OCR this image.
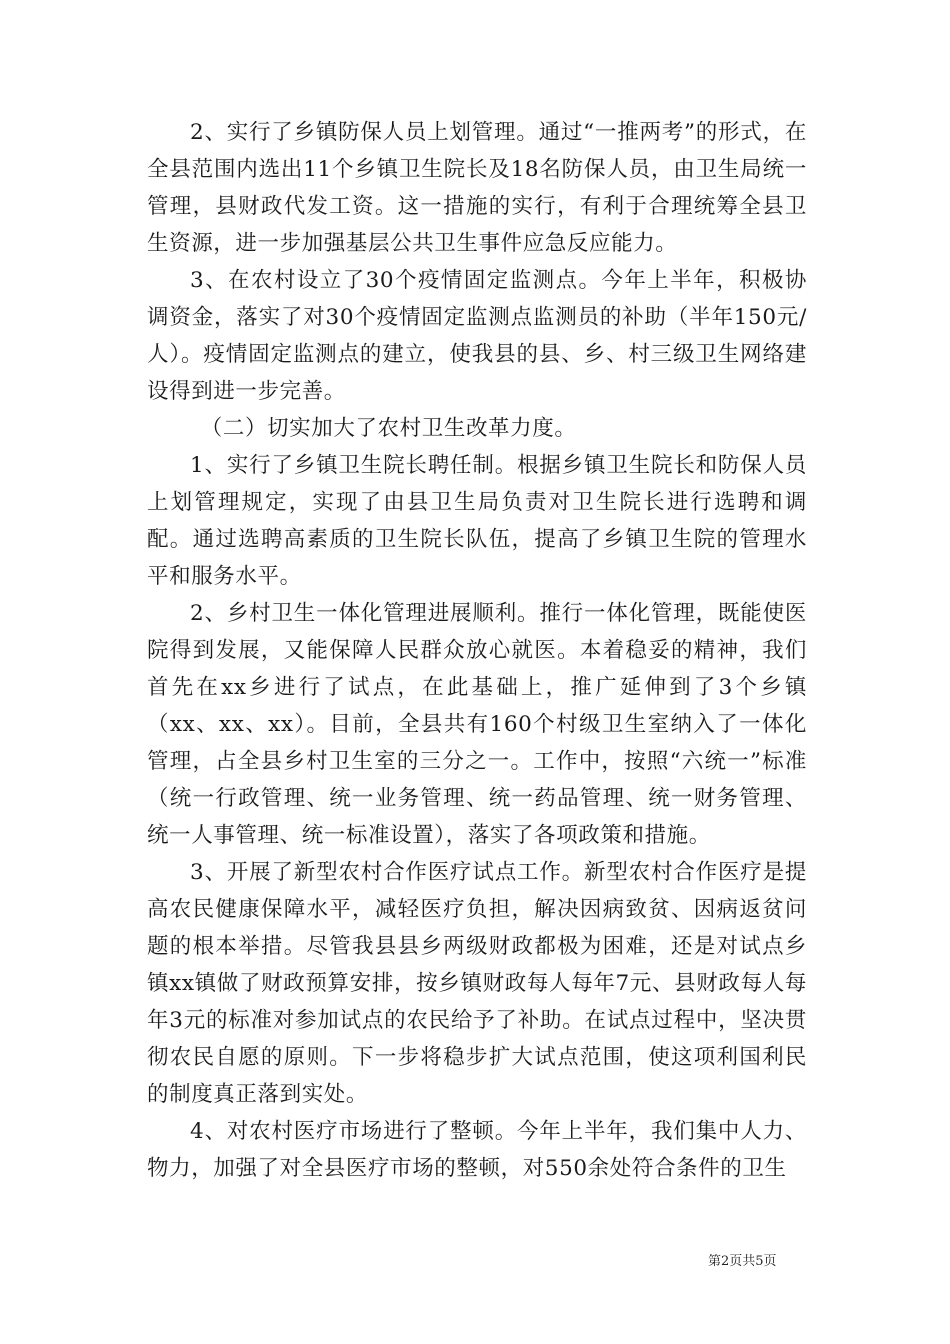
2、实行了乡镇防保人员上划管理。通过“一推两考”的形式，在全县范围内选出11个乡镇卫生院长及18名防保人员，由卫生局统一管理，县财政代发工资。这一措施的实行，有利于合理统筹全县卫生资源，进一步加强基层公共卫生事件应急反应能力。

3、在农村设立了30个疫情固定监测点。今年上半年，积极协调资金，落实了对30个疫情固定监测点监测员的补助（半年150元/人）。疫情固定监测点的建立，使我县的县、乡、村三级卫生网络建设得到进一步完善。

（二）切实加大了农村卫生改革力度。

1、实行了乡镇卫生院长聘任制。根据乡镇卫生院长和防保人员上划管理规定，实现了由县卫生局负责对卫生院长进行选聘和调配。通过选聘高素质的卫生院长队伍，提高了乡镇卫生院的管理水平和服务水平。

2、乡村卫生一体化管理进展顺利。推行一体化管理，既能使医院得到发展，又能保障人民群众放心就医。本着稳妥的精神，我们首先在xx乡进行了试点，在此基础上，推广延伸到了3个乡镇（xx、xx、xx）。目前，全县共有160个村级卫生室纳入了一体化管理，占全县乡村卫生室的三分之一。工作中，按照“六统一”标准（统一行政管理、统一业务管理、统一药品管理、统一财务管理、统一人事管理、统一标准设置），落实了各项政策和措施。

3、开展了新型农村合作医疗试点工作。新型农村合作医疗是提高农民健康保障水平，减轻医疗负担，解决因病致贫、因病返贫问题的根本举措。尽管我县县乡两级财政都极为困难，还是对试点乡镇xx镇做了财政预算安排，按乡镇财政每人每年7元、县财政每人每年3元的标准对参加试点的农民给予了补助。在试点过程中，坚决贯彻农民自愿的原则。下一步将稳步扩大试点范围，使这项利国利民的制度真正落到实处。

4、对农村医疗市场进行了整顿。今年上半年，我们集中人力、物力，加强了对全县医疗市场的整顿，对550余处符合条件的卫生

第2页共5页
